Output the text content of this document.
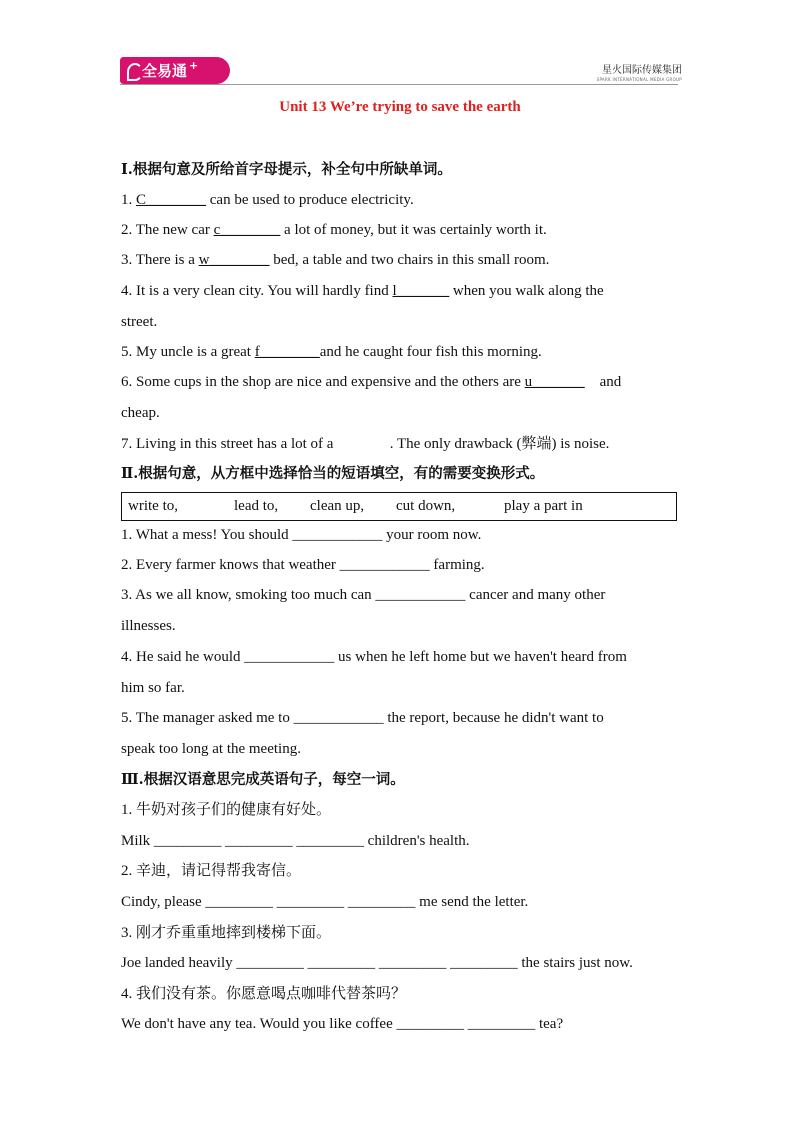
全易通 +	星火国际传媒集团
SPARK INTERNATIONAL MEDIA GROUP
Unit 13 We’re trying to save the earth
Ⅰ.根据句意及所给首字母提示，补全句中所缺单词。
1. C________ can be used to produce electricity.
2. The new car c________ a lot of money, but it was certainly worth it.
3. There is a w________ bed, a table and two chairs in this small room.
4. It is a very clean city. You will hardly find l_______ when you walk along the
street.
5. My uncle is a great f________and he caught four fish this morning.
6. Some cups in the shop are nice and expensive and the others are u_______    and
cheap.
7. Living in this street has a lot of a               . The only drawback (弊端) is noise.
Ⅱ.根据句意，从方框中选择恰当的短语填空，有的需要变换形式。
write to,	lead to, clean up, cut down,	play a part in
1. What a mess! You should ____________ your room now.
2. Every farmer knows that weather ____________ farming.
3. As we all know, smoking too much can ____________ cancer and many other
illnesses.
4. He said he would ____________ us when he left home but we haven't heard from
him so far.
5. The manager asked me to ____________ the report, because he didn't want to
speak too long at the meeting.
Ⅲ.根据汉语意思完成英语句子，每空一词。
1. 牛奶对孩子们的健康有好处。
Milk _________ _________ _________ children's health.
2. 辛迪，请记得帮我寄信。
Cindy, please _________ _________ _________ me send the letter.
3. 刚才乔重重地摔到楼梯下面。
Joe landed heavily _________ _________ _________ _________ the stairs just now.
4. 我们没有茶。你愿意喝点咖啡代替茶吗？
We don't have any tea. Would you like coffee _________ _________ tea?
